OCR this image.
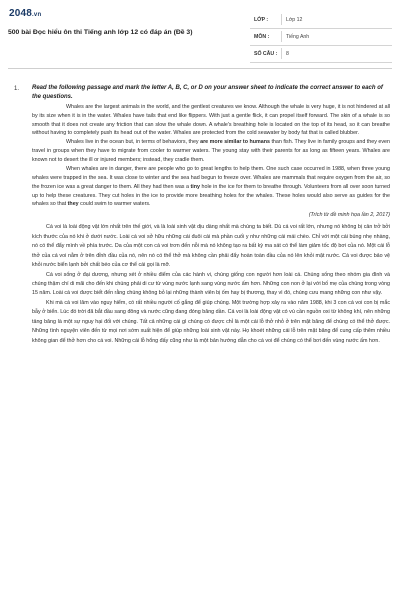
2048.vn
500 bài Đọc hiểu ôn thi Tiếng anh lớp 12 có đáp án (Đề 3)
LỚP :	Lớp 12
MÔN :	Tiếng Anh
SỐ CÂU : 8
1. Read the following passage and mark the letter A, B, C, or D on your answer sheet to indicate the correct answer to each of the questions.

Whales are the largest animals in the world, and the gentlest creatures we know. Although the whale is very huge, it is not hindered at all by its size when it is in the water. Whales have tails that end like flippers. With just a gentle flick, it can propel itself forward. The skin of a whale is so smooth that it does not create any friction that can slow the whale down. A whale's breathing hole is located on the top of its head, so it can breathe without having to completely push its head out of the water. Whales are protected from the cold seawater by body fat that is called blubber.

Whales live in the ocean but, in terms of behaviors, they are more similar to humans than fish. They live in family groups and they even travel in groups when they have to migrate from cooler to warmer waters. The young stay with their parents for as long as fifteen years. Whales are known not to desert the ill or injured members; instead, they cradle them.

When whales are in danger, there are people who go to great lengths to help them. One such case occurred in 1988, when three young whales were trapped in the sea. It was close to winter and the sea had begun to freeze over. Whales are mammals that require oxygen from the air, so the frozen ice was a great danger to them. All they had then was a tiny hole in the ice for them to breathe through. Volunteers from all over soon turned up to help these creatures. They cut holes in the ice to provide more breathing holes for the whales. These holes would also serve as guides for the whales so that they could swim to warmer waters.

(Trích từ đề minh họa lần 2, 2017)

Cá voi là loài động vật lớn nhất trên thế giới, và là loài sinh vật dịu dàng nhất mà chúng ta biết. Dù cá voi rất lớn, nhưng nó không bị cản trở bởi kích thước của nó khi ở dưới nước. Loài cá voi sở hữu những cái đuôi cái mà phần cuối y như những cái mái chèo. Chỉ với một cái búng nhẹ nhàng, nó có thể đẩy mình về phía trước. Da của một con cá voi trơn đến nỗi mà nó không tạo ra bất kỳ ma sát có thể làm giảm tốc độ bơi của nó. Một cái lỗ thở của cá voi nằm ở trên đỉnh đầu của nó, nên nó có thể thở mà không cần phải đẩy hoàn toàn đầu của nó lên khỏi mặt nước. Cá voi được bảo vệ khỏi nước biển lạnh bởi chất béo của cơ thể cái gọi là mỡ.

Cá voi sống ở đại dương, nhưng xét ở nhiều điểm của các hành vi, chúng giống con người hơn loài cá. Chúng sống theo nhóm gia đình và chúng thậm chí di mãi cho đến khi chúng phải di cư từ vùng nước lạnh sang vùng nước ấm hơn. Những con non ở lại với bố mẹ của chúng trong vòng 15 năm. Loài cá voi được biết đến rằng chúng không bỏ lại những thành viên bị ốm hay bị thương, thay vì đó, chúng cưu mang những con như vậy.

Khi mà cá voi lâm vào nguy hiểm, có rất nhiều người cố gắng để giúp chúng. Một trường hợp xảy ra vào năm 1988, khi 3 con cá voi con bị mắc bẫy ở biển. Lúc đó trời đã bắt đầu sang đông và nước cũng đang đóng băng dần. Cá voi là loài động vật có vú cần nguồn oxi từ không khí, nên những tảng băng là một sự nguy hại đối với chúng. Tất cả những cái gì chúng có được chỉ là một cái lỗ thở nhỏ ở trên mặt băng để chúng có thể thở được. Những tình nguyện viên đến từ mọi nơi sớm xuất hiện để giúp những loài sinh vật này. Họ khoét những cái lỗ trên mặt băng để cung cấp thêm nhiều không gian để thở hơn cho cá voi. Những cái lỗ hổng đấy cũng như là một bản hướng dẫn cho cá voi để chúng có thể bơi đến vùng nước ấm hơn.
